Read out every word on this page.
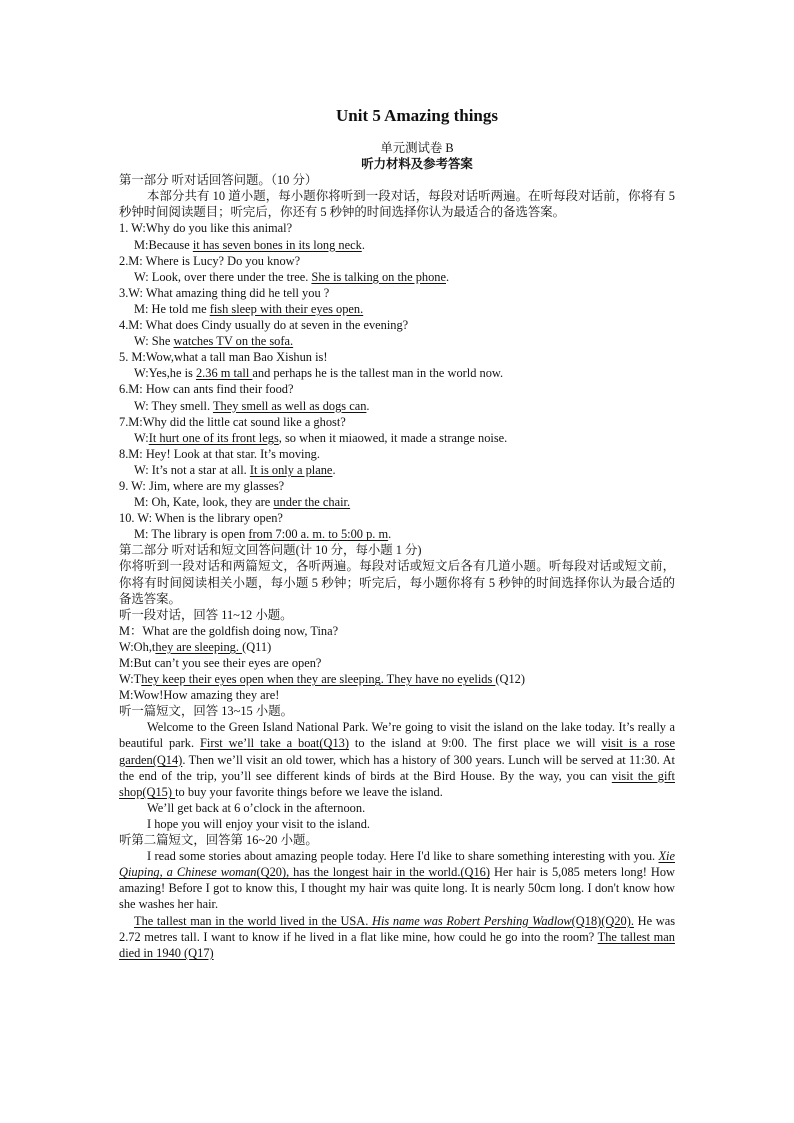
Unit 5 Amazing things
单元测试卷 B
听力材料及参考答案
第一部分 听对话回答问题。（10 分）
本部分共有 10 道小题，每小题你将听到一段对话，每段对话听两遍。在听每段对话前，你将有 5 秒钟时间阅读题目；听完后，你还有 5 秒钟的时间选择你认为最适合的备选答案。
1. W:Why do you like this animal?
M:Because it has seven bones in its long neck.
2.M: Where is Lucy? Do you know?
W: Look, over there under the tree. She is talking on the phone.
3.W: What amazing thing did he tell you ?
M: He told me fish sleep with their eyes open.
4.M: What does Cindy usually do at seven in the evening?
W: She watches TV on the sofa.
5. M:Wow,what a tall man Bao Xishun is!
W:Yes,he is 2.36 m tall and perhaps he is the tallest man in the world now.
6.M: How can ants find their food?
W: They smell. They smell as well as dogs can.
7.M:Why did the little cat sound like a ghost?
W:It hurt one of its front legs, so when it miaowed, it made a strange noise.
8.M: Hey! Look at that star. It’s moving.
W: It’s not a star at all. It is only a plane.
9. W: Jim, where are my glasses?
M: Oh, Kate, look, they are under the chair.
10. W: When is the library open?
M: The library is open from 7:00 a. m. to 5:00 p. m.
第二部分 听对话和短文回答问题(计 10 分，每小题 1 分)
你将听到一段对话和两篇短文，各听两遍。每段对话或短文后各有几道小题。听每段对话或短文前，你将有时间阅读相关小题，每小题 5 秒钟；听完后，每小题你将有 5 秒钟的时间选择你认为最合适的备选答案。
听一段对话，回答 11~12 小题。
M：What are the goldfish doing now, Tina?
W:Oh,they are sleeping. (Q11)
M:But can’t you see their eyes are open?
W:They keep their eyes open when they are sleeping. They have no eyelids (Q12)
M:Wow!How amazing they are!
听一篇短文，回答 13~15 小题。
Welcome to the Green Island National Park. We’re going to visit the island on the lake today. It’s really a beautiful park. First we’ll take a boat(Q13) to the island at 9:00. The first place we will visit is a rose garden(Q14). Then we’ll visit an old tower, which has a history of 300 years. Lunch will be served at 11:30. At the end of the trip, you’ll see different kinds of birds at the Bird House. By the way, you can visit the gift shop(Q15) to buy your favorite things before we leave the island.
We’ll get back at 6 o’clock in the afternoon.
I hope you will enjoy your visit to the island.
听第二篇短文，回答第 16~20 小题。
I read some stories about amazing people today. Here I'd like to share something interesting with you. Xie Qiuping, a Chinese woman(Q20), has the longest hair in the world.(Q16) Her hair is 5,085 meters long! How amazing! Before I got to know this, I thought my hair was quite long. It is nearly 50cm long. I don't know how she washes her hair.
The tallest man in the world lived in the USA. His name was Robert Pershing Wadlow(Q18)(Q20). He was 2.72 metres tall. I want to know if he lived in a flat like mine, how could he go into the room? The tallest man died in 1940 (Q17)
